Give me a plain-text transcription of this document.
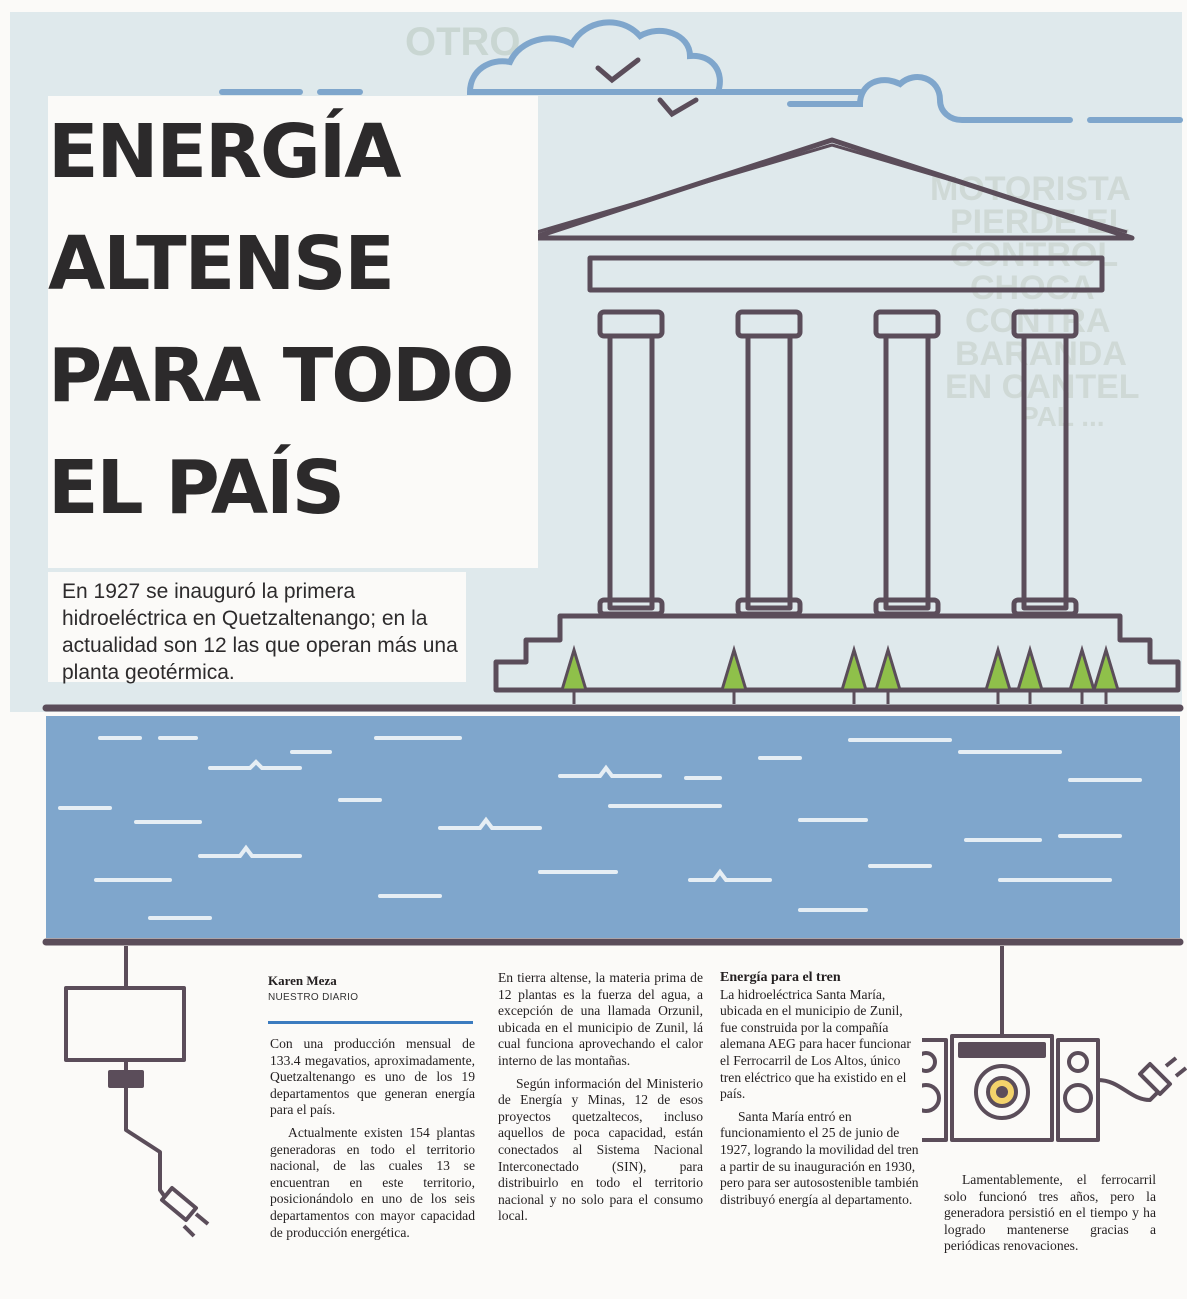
OTRO
MOTORISTA
PIERDE EL
CONTROL
CHOCA
CONTRA
BARANDA
EN CANTEL
PAL ...
ENERGÍA
ALTENSE
PARA TODO
EL PAÍS

En 1927 se inauguró la primera hidroeléctrica en Quetzaltenango; en la actualidad son 12 las que operan más una planta geotérmica.

Karen Meza
NUESTRO DIARIO

Con una producción mensual de 133.4 megavatios, aproximadamente, Quetzaltenango es uno de los 19 departamentos que generan energía para el país.

Actualmente existen 154 plantas generadoras en todo el territorio nacional, de las cuales 13 se encuentran en este territorio, posicionándolo en uno de los seis departamentos con mayor capacidad de producción energética.

En tierra altense, la materia prima de 12 plantas es la fuerza del agua, a excepción de una llamada Orzunil, ubicada en el municipio de Zunil, lá cual funciona aprovechando el calor interno de las montañas.

Según información del Ministerio de Energía y Minas, 12 de esos proyectos quetzaltecos, incluso aquellos de poca capacidad, están conectados al Sistema Nacional Interconectado (SIN), para distribuirlo en todo el territorio nacional y no solo para el consumo local.

Energía para el tren

La hidroeléctrica Santa María, ubicada en el municipio de Zunil, fue construida por la compañía alemana AEG para hacer funcionar el Ferrocarril de Los Altos, único tren eléctrico que ha existido en el país.

Santa María entró en funcionamiento el 25 de junio de 1927, logrando la movilidad del tren a partir de su inauguración en 1930, pero para ser autosostenible también distribuyó energía al departamento.

Lamentablemente, el ferrocarril solo funcionó tres años, pero la generadora persistió en el tiempo y ha logrado mantenerse gracias a periódicas renovaciones.
